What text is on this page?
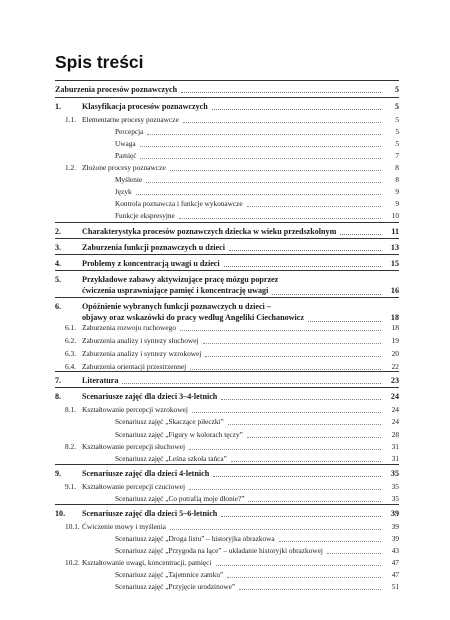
Spis treści
Zaburzenia procesów poznawczych	5
1.	Klasyfikacja procesów poznawczych	5
1.1. Elementarne procesy poznawcze	5
Percepcja	5
Uwaga	5
Pamięć	7
1.2. Złożone procesy poznawcze	8
Myślenie	8
Język	9
Kontrola poznawcza i funkcje wykonawcze	9
Funkcje ekspresyjne	10
2.	Charakterystyka procesów poznawczych dziecka w wieku przedszkolnym	11
3.	Zaburzenia funkcji poznawczych u dzieci	13
4.	Problemy z koncentracją uwagi u dzieci	15
5.	Przykładowe zabawy aktywizujące pracę mózgu poprzez
ćwiczenia usprawniające pamięć i koncentrację uwagi	16
6.	Opóźnienie wybranych funkcji poznawczych u dzieci –
objawy oraz wskazówki do pracy według Angeliki Ciechanowicz	18
6.1. Zaburzenia rozwoju ruchowego	18
6.2. Zaburzenia analizy i syntezy słuchowej	19
6.3. Zaburzenia analizy i syntezy wzrokowej	20
6.4. Zaburzenia orientacji przestrzennej	22
7.	Literatura	23
8.	Scenariusze zajęć dla dzieci 3–4-letnich	24
8.1. Kształtowanie percepcji wzrokowej	24
Scenariusz zajęć „Skaczące piłeczki”	24
Scenariusz zajęć „Figury w kolorach tęczy”	28
8.2. Kształtowanie percepcji słuchowej	31
Scenariusz zajęć „Leśna szkoła tańca”	31
9.	Scenariusze zajęć dla dzieci 4-letnich	35
9.1. Kształtowanie percepcji czuciowej	35
Scenariusz zajęć „Co potrafią moje dłonie?”	35
10. Scenariusze zajęć dla dzieci 5–6-letnich	39
10.1. Ćwiczenie mowy i myślenia	39
Scenariusz zajęć „Droga listu” – historyjka obrazkowa	39
Scenariusz zajęć „Przygoda na łące” – układanie historyjki obrazkowej	43
10.2. Kształtowanie uwagi, koncentracji, pamięci	47
Scenariusz zajęć „Tajemnice zamku”	47
Scenariusz zajęć „Przyjęcie urodzinowe”	51
